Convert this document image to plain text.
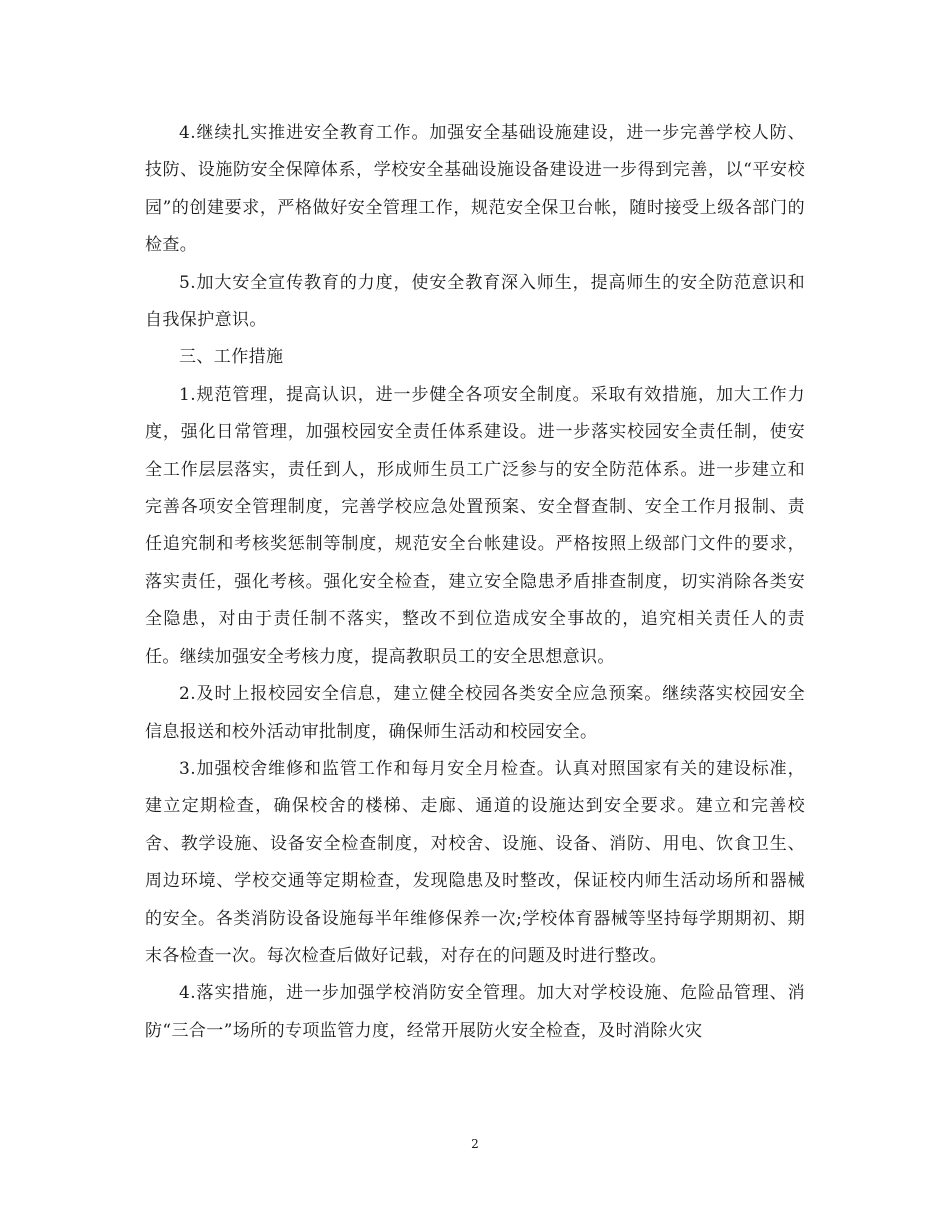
4.继续扎实推进安全教育工作。加强安全基础设施建设，进一步完善学校人防、技防、设施防安全保障体系，学校安全基础设施设备建设进一步得到完善，以“平安校园”的创建要求，严格做好安全管理工作，规范安全保卫台帐，随时接受上级各部门的检查。

5.加大安全宣传教育的力度，使安全教育深入师生，提高师生的安全防范意识和自我保护意识。

三、工作措施

1.规范管理，提高认识，进一步健全各项安全制度。采取有效措施，加大工作力度，强化日常管理，加强校园安全责任体系建设。进一步落实校园安全责任制，使安全工作层层落实，责任到人，形成师生员工广泛参与的安全防范体系。进一步建立和完善各项安全管理制度，完善学校应急处置预案、安全督查制、安全工作月报制、责任追究制和考核奖惩制等制度，规范安全台帐建设。严格按照上级部门文件的要求，落实责任，强化考核。强化安全检查，建立安全隐患矛盾排查制度，切实消除各类安全隐患，对由于责任制不落实，整改不到位造成安全事故的，追究相关责任人的责任。继续加强安全考核力度，提高教职员工的安全思想意识。

2.及时上报校园安全信息，建立健全校园各类安全应急预案。继续落实校园安全信息报送和校外活动审批制度，确保师生活动和校园安全。

3.加强校舍维修和监管工作和每月安全月检查。认真对照国家有关的建设标准，建立定期检查，确保校舍的楼梯、走廊、通道的设施达到安全要求。建立和完善校舍、教学设施、设备安全检查制度，对校舍、设施、设备、消防、用电、饮食卫生、周边环境、学校交通等定期检查，发现隐患及时整改，保证校内师生活动场所和器械的安全。各类消防设备设施每半年维修保养一次;学校体育器械等坚持每学期期初、期末各检查一次。每次检查后做好记载，对存在的问题及时进行整改。

4.落实措施，进一步加强学校消防安全管理。加大对学校设施、危险品管理、消防“三合一”场所的专项监管力度，经常开展防火安全检查，及时消除火灾

2
